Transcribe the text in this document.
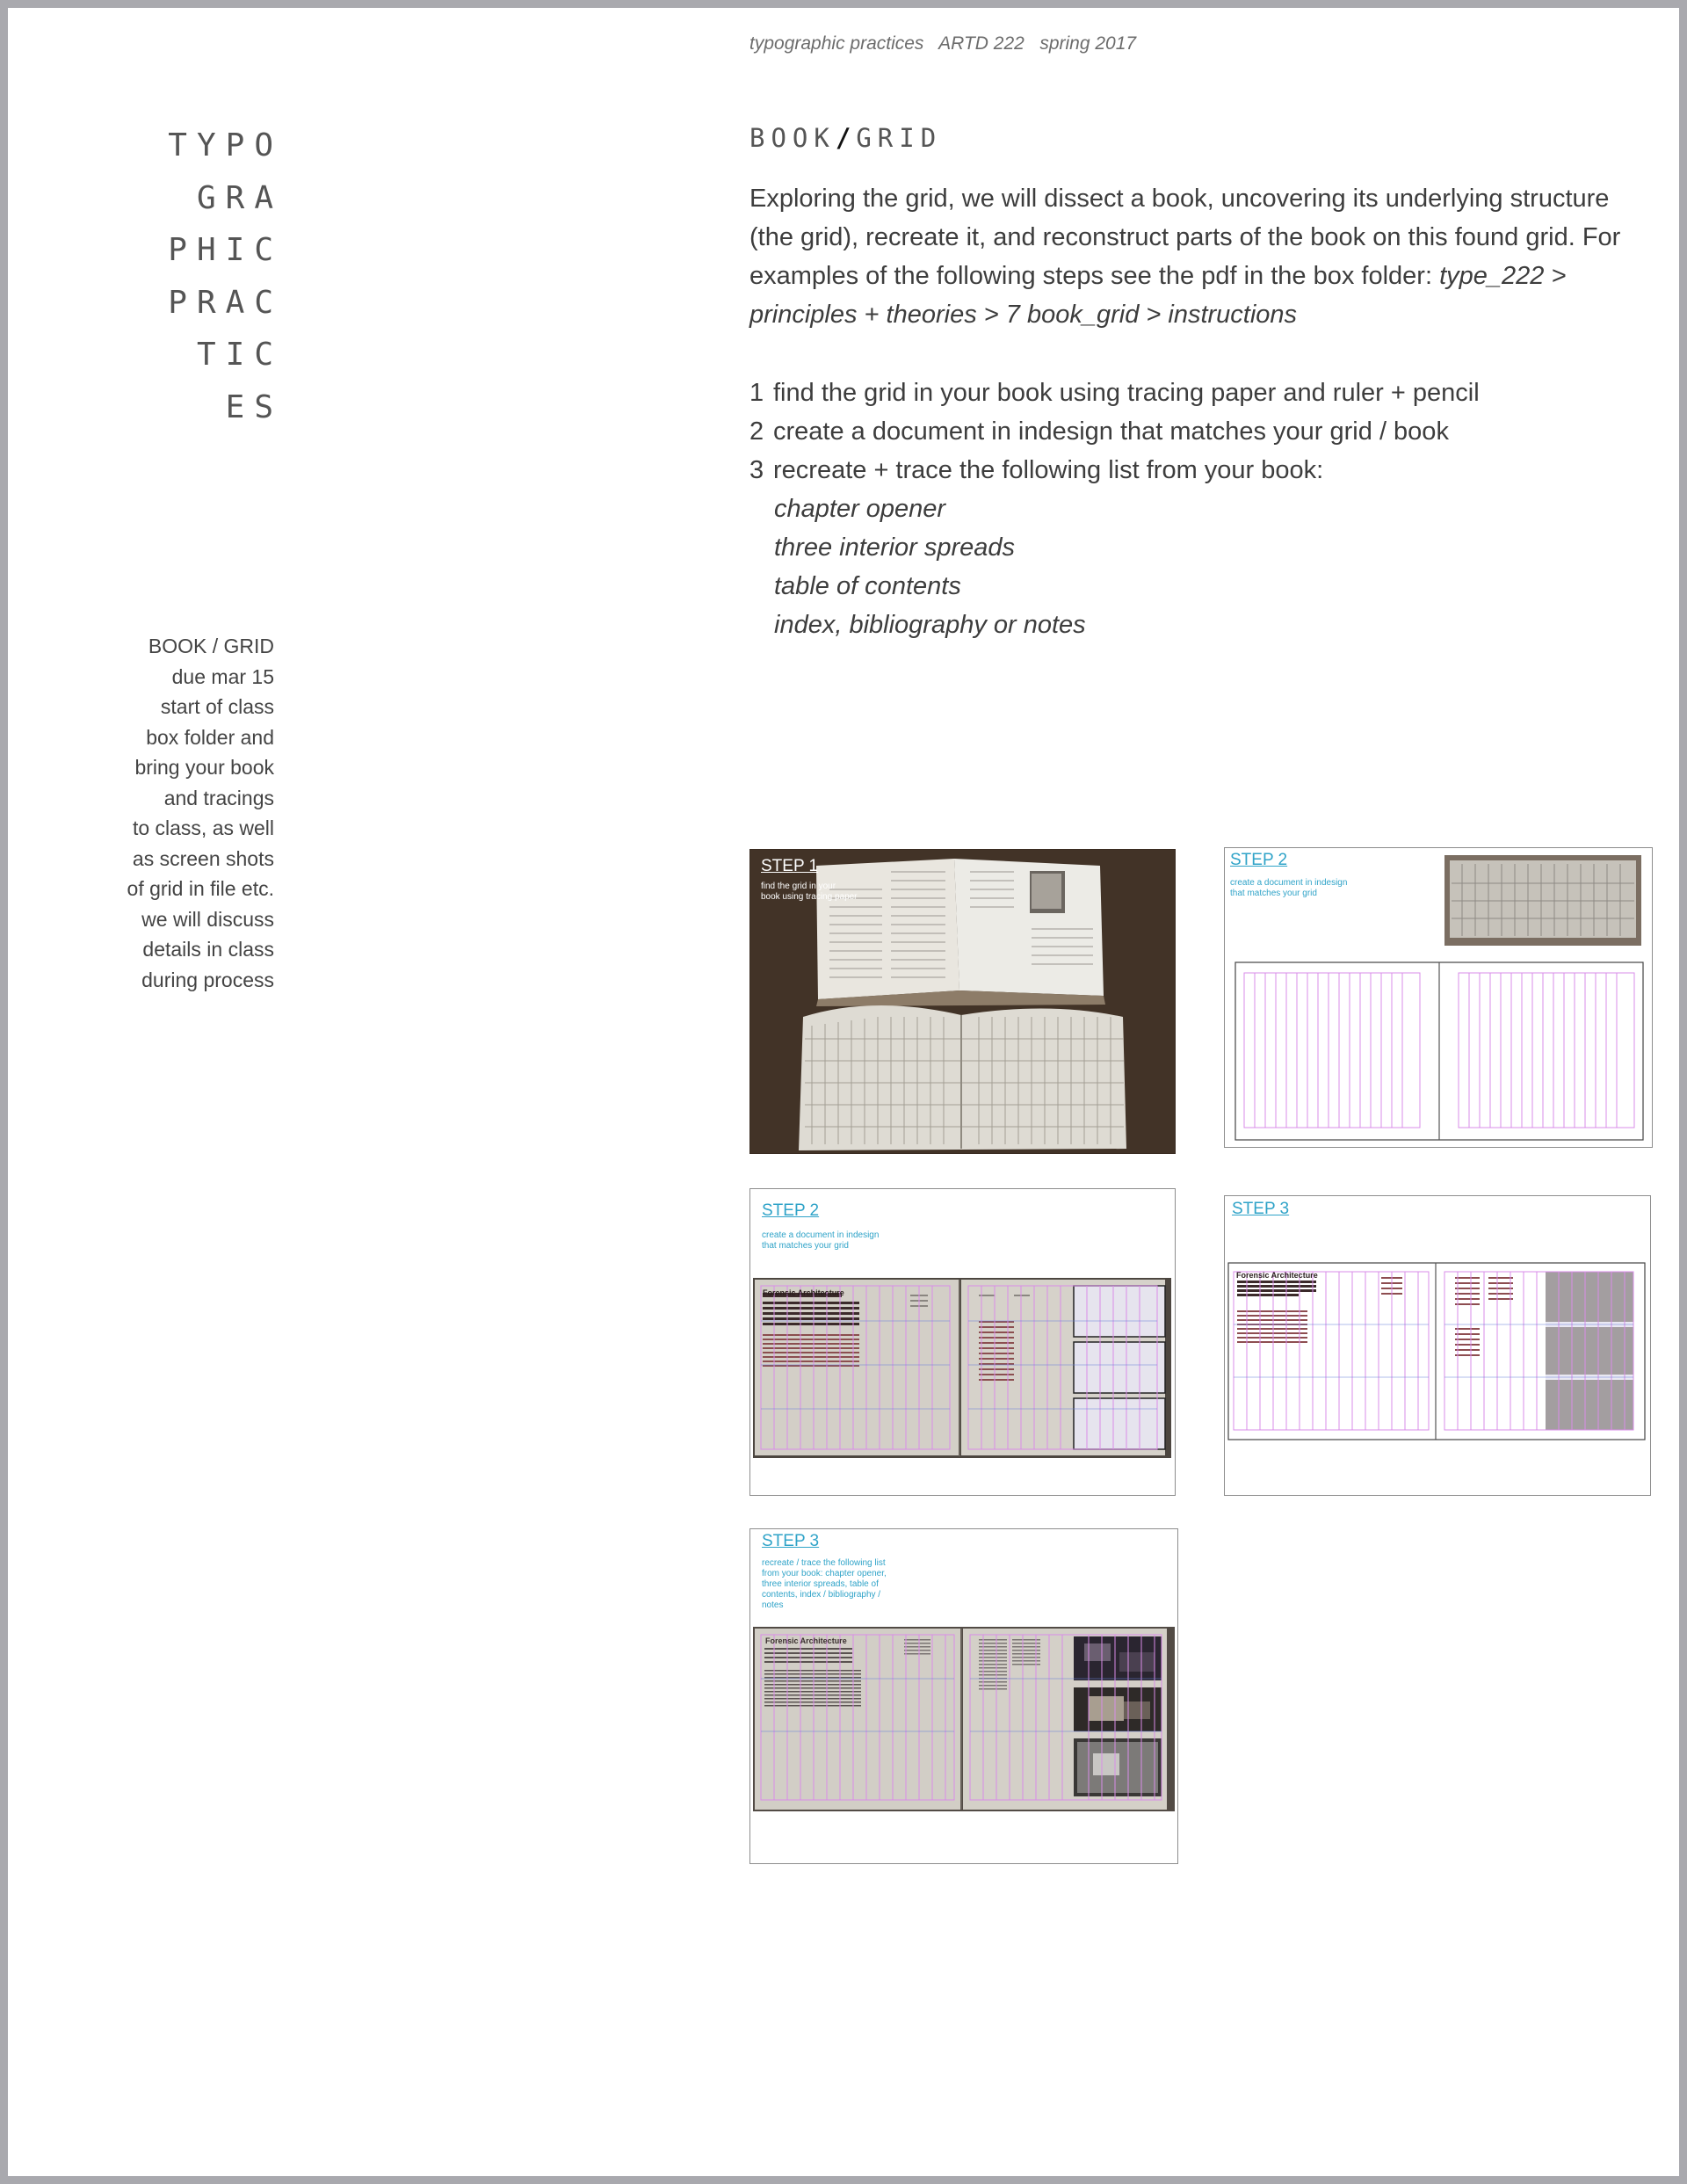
typographic practices   ARTD 222   spring 2017
TYPO
GRA
PHIC
PRAC
TIC
ES
BOOK / GRID
due mar 15
start of class
box folder and
bring your book
and tracings
to class, as well
as screen shots
of grid in file etc.
we will discuss
details in class
during process
BOOK/ GRID
Exploring the grid, we will dissect a book, uncovering its underlying structure (the grid), recreate it, and reconstruct parts of the book on this found grid. For examples of the following steps see the pdf in the box folder: type_222 > principles + theories > 7 book_grid > instructions
1 find the grid in your book using tracing paper and ruler + pencil
2 create a document in indesign that matches your grid / book
3 recreate + trace the following list from your book:
chapter opener
three interior spreads
table of contents
index, bibliography or notes
STEP 1
find the grid in your
book using tracing paper
STEP 2
create a document in indesign
that matches your grid
STEP 2
create a document in indesign
that matches your grid
Forensic Architecture
STEP 3
Forensic Architecture
STEP 3
recreate / trace the following list
from your book: chapter opener,
three interior spreads, table of
contents, index / bibliography /
notes
Forensic Architecture
